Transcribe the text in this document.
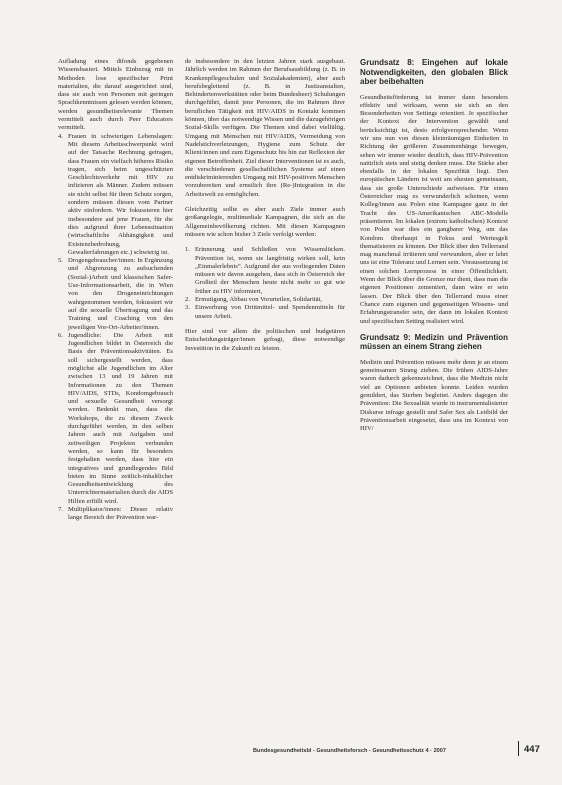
Aufladung eines difonds gegebenen Wissensbasiert. Mittels Einbezug mit in Methoden lose spezifischer Print materialien, die darauf ausgerichtet sind, dass sie auch von Personen mit geringen Sprachkenntnissen gelesen werden können, werden gesundheitsrelevante Themen vermittelt auch durch Peer Educators vermittelt.

4. Frauen in schwierigen Lebenslagen: Mit diesem Arbeitsschwerpunkt wird auf der Tatsache Rechnung getragen, dass Frauen ein vielfach höheres Risiko tragen, sich beim ungeschützten Geschlechtsverkehr mit HIV zu infizieren als Männer. Zudem müssen sie nicht selbst für ihren Schutz sorgen, sondern müssen diesen vom Partner aktiv einfordern. Wir fokussieren hier insbesondere auf jene Frauen, für die dies aufgrund ihrer Lebenssituation (wirtschaftliche Abhängigkeit und Existenzbedrohung, Gewalterfahrungen etc.) schwierig ist.
5. Drogengebraucher/innen: In Ergänzung und Abgrenzung zu aufsuchenden (Sozial-)Arbeit und klassischen Safer-Use-Informationsarbeit, die in Wien von den Drogeneinrichtungen wahrgenommen werden, fokussiert wir auf die sexuelle Übertragung und das Training und Coaching von den jeweiligen Vor-Ort-Arbeiter/innen.
6. Jugendliche: Die Arbeit mit Jugendlichen bildet in Österreich die Basis der Präventionsaktivitäten. Es soll sichergestellt werden, dass möglichst alle Jugendlichen im Alter zwischen 13 und 19 Jahren mit Informationen zu den Themen HIV/AIDS, STDs, Kondomgebrauch und sexuelle Gesundheit versorgt werden. Bedenkt man, dass die Workshops, die zu diesem Zweck durchgeführt werden, in den selben Jahren auch mit Aufgaben und zeitweiligen Projekten verbunden werden, so kann für besonders festgehalten werden, dass hier ein integratives und grundlegendes Bild bieten im Sinne zeitlich-inhaltlicher Gesundheitsentwicklung des Unterrichtermaterialien durch die AIDS Hilfen erfüllt wird.
7. Multiplikator/innen: Dieser relativ lange Bereich der Prävention war-

de insbesondere in den letzten Jahren stark ausgebaut. Jährlich werden im Rahmen der Berufsausbildung (z. B. in Krankenpflegeschulen und Sozialakademien), aber auch berufsbegleitend (z. B. in Justizanstalten, Behindertenwerkstätten oder beim Bundesheer) Schulungen durchgeführt, damit jene Personen, die im Rahmen ihrer beruflichen Tätigkeit mit HIV/AIDS in Kontakt kommen können, über das notwendige Wissen und die dazugehörigen Sozial-Skills verfügen. Die Themen sind dabei vielfältig. Umgang mit Menschen mit HIV/AIDS, Vermeidung von Nadelstichverletzungen, Hygiene zum Schutz der Klient/innen und zum Eigenschutz bis hin zur Reflexion der eigenen Betroffenheit. Ziel dieser Interventionen ist es auch, die verschiedenen gesellschaftlichen Systeme auf einen entdiskriminierenden Umgang mit HIV-positiven Menschen vorzubereiten und ernstlich ihre (Re-)Integration in die Arbeitswelt zu ermöglichen.

Gleichzeitig sollte es aber auch Ziele immer auch großangelegte, multimediale Kampagnen, die sich an die Allgemeinbevölkerung richten. Mit diesen Kampagnen müssen wie schon bisher 3 Ziele verfolgt werden:

1. Erinnerung und Schließen von Wissenslücken. Prävention ist, wenn sie langfristig wirken soll, kein „Einmalerlebnis“. Aufgrund der aus vorliegenden Daten müssen wir davon ausgehen, dass sich in Österreich der Großteil der Menschen heute nicht mehr so gut wie früher zu HIV informiert,
2. Ermutigung, Abbau von Vorurteilen, Solidarität,
3. Einwerbung von Drittmittel- und Spendenmitteln für unsere Arbeit.

Hier sind vor allem die politischen und budgetären Entscheidungsträger/innen gefragt, diese notwendige Investition in die Zukunft zu leisten.

Grundsatz 8: Eingehen auf lokale Notwendigkeiten, den globalen Blick aber beibehalten

Gesundheitsförderung ist immer dann besonders effektiv und wirksam, wenn sie sich an den Besonderheiten von Settings orientiert. Je spezifischer der Kontext der Intervention gewählt und berücksichtigt ist, desto erfolgversprechender. Wenn wir uns nun von diesen kleinräumigen Einheiten in Richtung der größeren Zusammenhänge bewegen, sehen wir immer wieder deutlich, dass HIV-Prävention natürlich stets und stetig denken muss. Die Stärke aber ebenfalls in der lokalen Spezifität liegt. Den europäischen Ländern ist weit am ehesten gemeinsam, dass sie große Unterschiede aufweisen. Für einen Österreicher mag es verwunderlich scheinen, wenn Kolleg/innen aus Polen eine Kampagne ganz in der Tracht des US-Amerikanischen ABC-Modells präsentieren. Im lokalen (extrem katholischen) Kontext von Polen war dies ein gangbarer Weg, um das Kondom überhaupt in Fokus und Wertesgelt thematisieren zu können. Der Blick über den Tellerrand mag manchmal irritieren und verwundern, aber er lehrt uns ist eine Toleranz und Lernen sein. Voraussetzung ist einen solchen Lernprozess in einer Öffentlichkeit. Wenn der Blick über die Grenze nur dient, dass man die eigenen Positionen zementiert, dann wäre er sein lassen. Der Blick über den Tellerrand muss einer Chance zum eigenen und gegenseitigen Wissens- und Erfahrungstransfer sein, der dann im lokalen Kontext und spezifischen Setting realisiert wird.

Grundsatz 9: Medizin und Prävention müssen an einem Strang ziehen

Medizin und Prävention müssen mehr denn je an einem gemeinsamen Strang ziehen. Die frühen AIDS-Jahre waren dadurch gekennzeichnet, dass die Medizin nicht viel an Optionen anbieten konnte. Leiden wurden gemildert, das Sterben begleitet. Anders dagegen die Prävention: Die Sexualität wurde in instrumentalisierter Diskurse infrage gestellt und Safer Sex als Leitbild der Präventionsarbeit eingesetzt, dass uns im Kontext von HIV/

Bundesgesundheitsbl - Gesundheitsforsch - Gesundheitsschutz 4 · 2007	447
